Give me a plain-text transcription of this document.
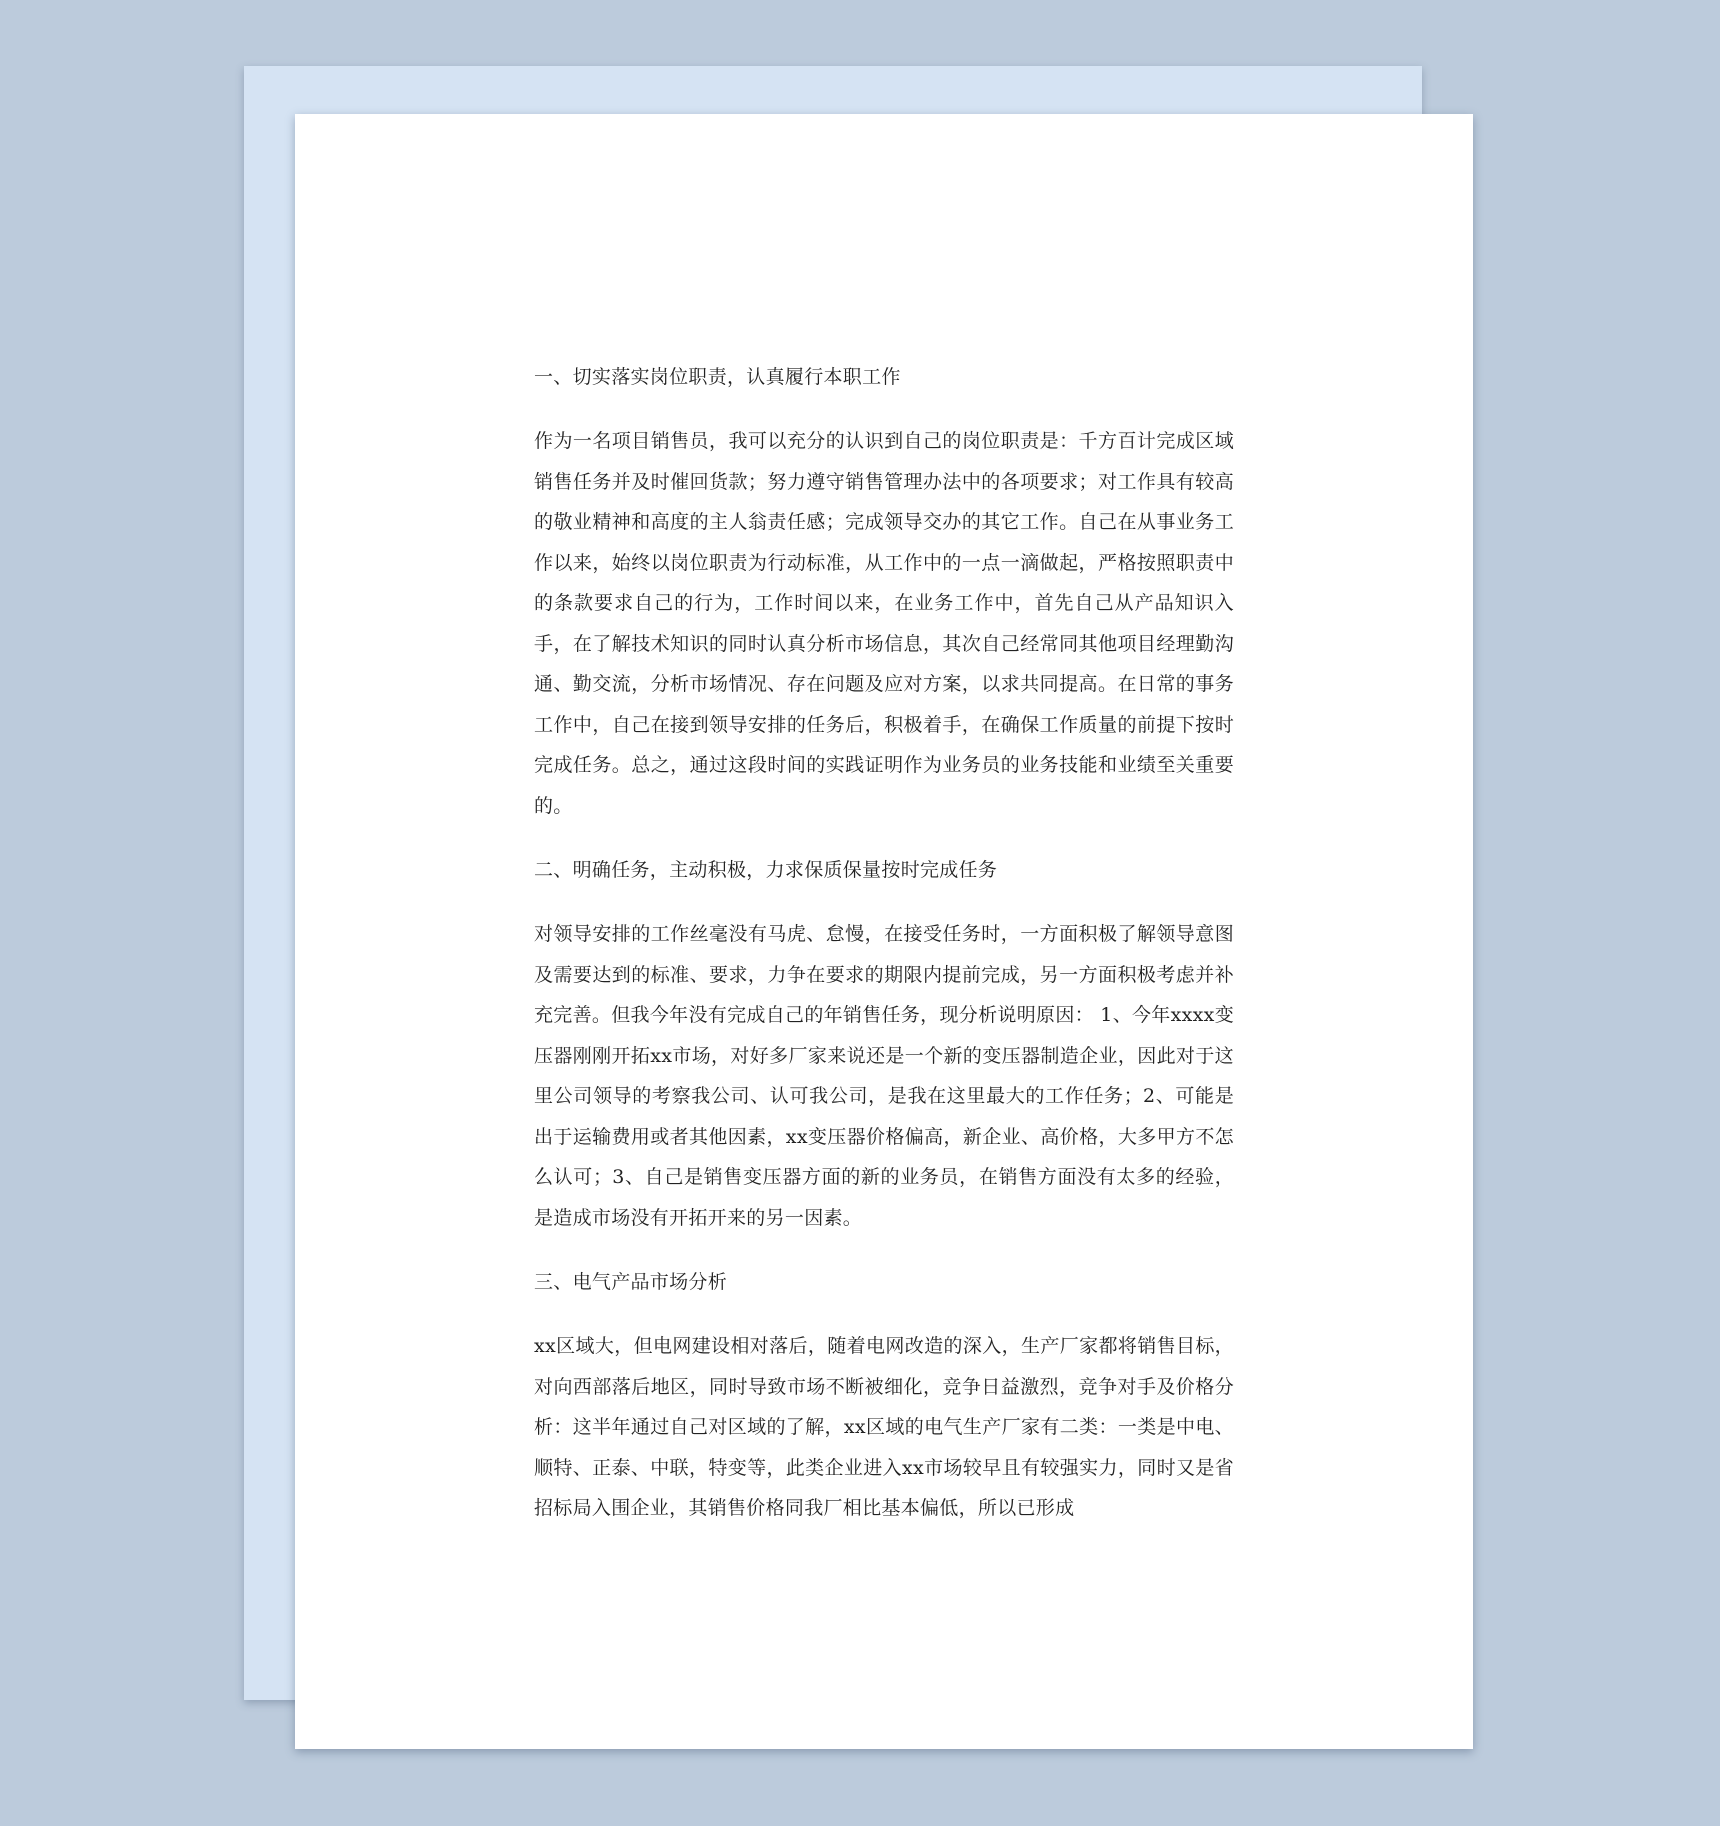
一、切实落实岗位职责，认真履行本职工作

作为一名项目销售员，我可以充分的认识到自己的岗位职责是：千方百计完成区域销售任务并及时催回货款；努力遵守销售管理办法中的各项要求；对工作具有较高的敬业精神和高度的主人翁责任感；完成领导交办的其它工作。自己在从事业务工作以来，始终以岗位职责为行动标准，从工作中的一点一滴做起，严格按照职责中的条款要求自己的行为，工作时间以来，在业务工作中，首先自己从产品知识入手，在了解技术知识的同时认真分析市场信息，其次自己经常同其他项目经理勤沟通、勤交流，分析市场情况、存在问题及应对方案，以求共同提高。在日常的事务工作中，自己在接到领导安排的任务后，积极着手，在确保工作质量的前提下按时完成任务。总之，通过这段时间的实践证明作为业务员的业务技能和业绩至关重要的。

二、明确任务，主动积极，力求保质保量按时完成任务

对领导安排的工作丝毫没有马虎、怠慢，在接受任务时，一方面积极了解领导意图及需要达到的标准、要求，力争在要求的期限内提前完成，另一方面积极考虑并补充完善。但我今年没有完成自己的年销售任务，现分析说明原因： 1、今年xxxx变压器刚刚开拓xx市场，对好多厂家来说还是一个新的变压器制造企业，因此对于这里公司领导的考察我公司、认可我公司，是我在这里最大的工作任务；2、可能是出于运输费用或者其他因素，xx变压器价格偏高，新企业、高价格，大多甲方不怎么认可；3、自己是销售变压器方面的新的业务员，在销售方面没有太多的经验，是造成市场没有开拓开来的另一因素。

三、电气产品市场分析

xx区域大，但电网建设相对落后，随着电网改造的深入，生产厂家都将销售目标，对向西部落后地区，同时导致市场不断被细化，竞争日益激烈，竞争对手及价格分析：这半年通过自己对区域的了解，xx区域的电气生产厂家有二类：一类是中电、顺特、正泰、中联，特变等，此类企业进入xx市场较早且有较强实力，同时又是省招标局入围企业，其销售价格同我厂相比基本偏低，所以已形成
